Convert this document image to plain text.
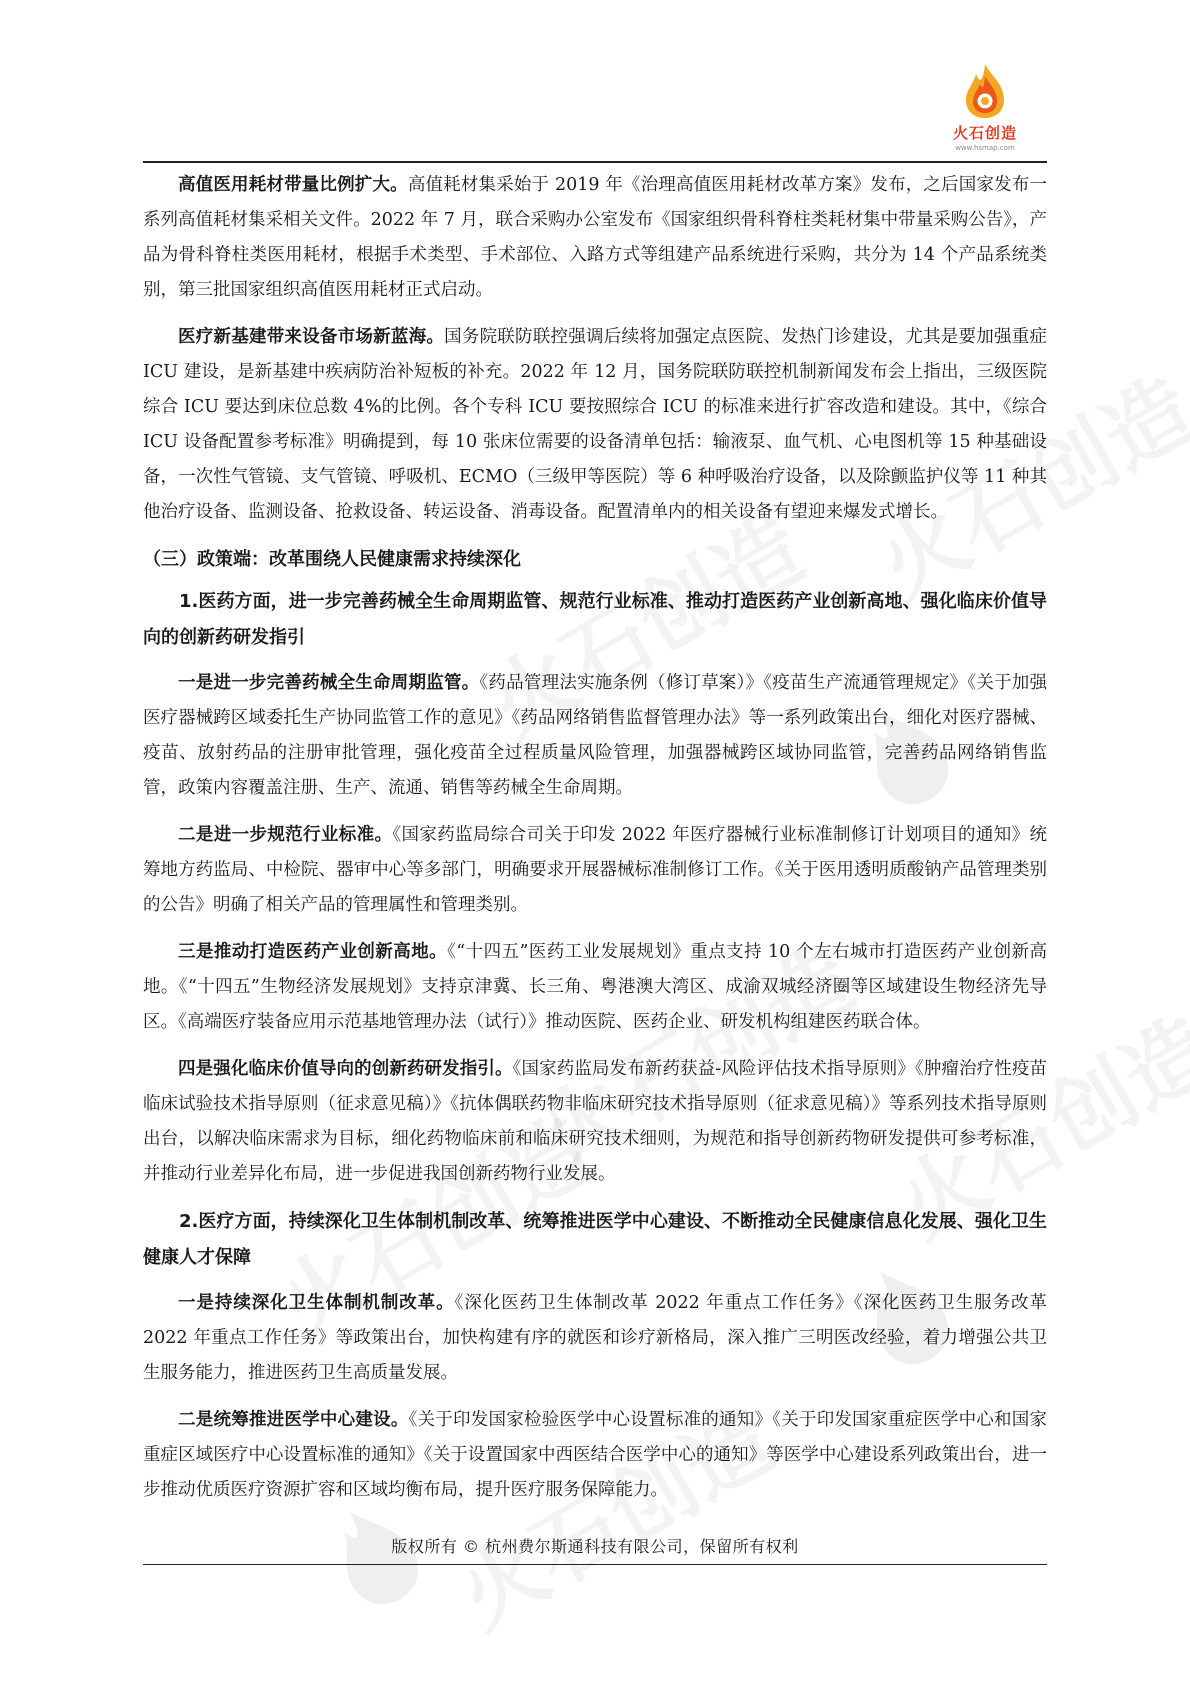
火石创造
www.hsmap.com

高值医用耗材带量比例扩大。高值耗材集采始于 2019 年《治理高值医用耗材改革方案》发布，之后国家发布一系列高值耗材集采相关文件。2022 年 7 月，联合采购办公室发布《国家组织骨科脊柱类耗材集中带量采购公告》，产品为骨科脊柱类医用耗材，根据手术类型、手术部位、入路方式等组建产品系统进行采购，共分为 14 个产品系统类别，第三批国家组织高值医用耗材正式启动。

医疗新基建带来设备市场新蓝海。国务院联防联控强调后续将加强定点医院、发热门诊建设，尤其是要加强重症 ICU 建设，是新基建中疾病防治补短板的补充。2022 年 12 月，国务院联防联控机制新闻发布会上指出，三级医院综合 ICU 要达到床位总数 4%的比例。各个专科 ICU 要按照综合 ICU 的标准来进行扩容改造和建设。其中，《综合 ICU 设备配置参考标准》明确提到，每 10 张床位需要的设备清单包括：输液泵、血气机、心电图机等 15 种基础设备，一次性气管镜、支气管镜、呼吸机、ECMO（三级甲等医院）等 6 种呼吸治疗设备，以及除颤监护仪等 11 种其他治疗设备、监测设备、抢救设备、转运设备、消毒设备。配置清单内的相关设备有望迎来爆发式增长。

（三）政策端：改革围绕人民健康需求持续深化
1.医药方面，进一步完善药械全生命周期监管、规范行业标准、推动打造医药产业创新高地、强化临床价值导向的创新药研发指引

一是进一步完善药械全生命周期监管。《药品管理法实施条例（修订草案）》《疫苗生产流通管理规定》《关于加强医疗器械跨区域委托生产协同监管工作的意见》《药品网络销售监督管理办法》等一系列政策出台，细化对医疗器械、疫苗、放射药品的注册审批管理，强化疫苗全过程质量风险管理，加强器械跨区域协同监管，完善药品网络销售监管，政策内容覆盖注册、生产、流通、销售等药械全生命周期。

二是进一步规范行业标准。《国家药监局综合司关于印发 2022 年医疗器械行业标准制修订计划项目的通知》统筹地方药监局、中检院、器审中心等多部门，明确要求开展器械标准制修订工作。《关于医用透明质酸钠产品管理类别的公告》明确了相关产品的管理属性和管理类别。

三是推动打造医药产业创新高地。《“十四五”医药工业发展规划》重点支持 10 个左右城市打造医药产业创新高地。《“十四五”生物经济发展规划》支持京津冀、长三角、粤港澳大湾区、成渝双城经济圈等区域建设生物经济先导区。《高端医疗装备应用示范基地管理办法（试行）》推动医院、医药企业、研发机构组建医药联合体。

四是强化临床价值导向的创新药研发指引。《国家药监局发布新药获益-风险评估技术指导原则》《肿瘤治疗性疫苗临床试验技术指导原则（征求意见稿）》《抗体偶联药物非临床研究技术指导原则（征求意见稿）》等系列技术指导原则出台，以解决临床需求为目标，细化药物临床前和临床研究技术细则，为规范和指导创新药物研发提供可参考标准，并推动行业差异化布局，进一步促进我国创新药物行业发展。

2.医疗方面，持续深化卫生体制机制改革、统筹推进医学中心建设、不断推动全民健康信息化发展、强化卫生健康人才保障

一是持续深化卫生体制机制改革。《深化医药卫生体制改革 2022 年重点工作任务》《深化医药卫生服务改革 2022 年重点工作任务》等政策出台，加快构建有序的就医和诊疗新格局，深入推广三明医改经验，着力增强公共卫生服务能力，推进医药卫生高质量发展。

二是统筹推进医学中心建设。《关于印发国家检验医学中心设置标准的通知》《关于印发国家重症医学中心和国家重症区域医疗中心设置标准的通知》《关于设置国家中西医结合医学中心的通知》等医学中心建设系列政策出台，进一步推动优质医疗资源扩容和区域均衡布局，提升医疗服务保障能力。

版权所有 © 杭州费尔斯通科技有限公司，保留所有权利
